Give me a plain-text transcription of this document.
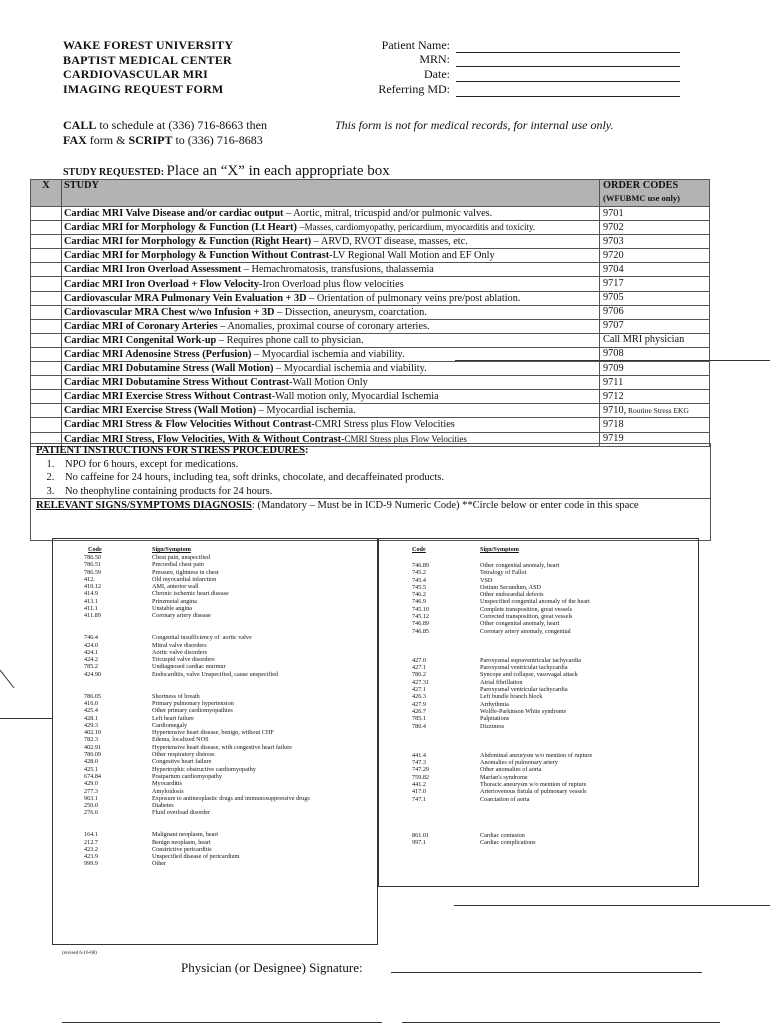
WAKE FOREST UNIVERSITY
BAPTIST MEDICAL CENTER
CARDIOVASCULAR MRI
IMAGING REQUEST FORM
Patient Name:
MRN:
Date:
Referring MD:
CALL to schedule at (336) 716-8663 then
FAX form & SCRIPT to (336) 716-8683
This form is not for medical records, for internal use only.
STUDY REQUESTED: Place an “X” in each appropriate box
X	STUDY	ORDER CODES
(WFUBMC use only)

	Cardiac MRI Valve Disease and/or cardiac output – Aortic, mitral, tricuspid and/or pulmonic valves.	9701
	Cardiac MRI for Morphology & Function (Lt Heart) –Masses, cardiomyopathy, pericardium, myocarditis and toxicity.	9702
	Cardiac MRI for Morphology & Function (Right Heart) – ARVD, RVOT disease, masses, etc.	9703
	Cardiac MRI for Morphology & Function Without Contrast-LV Regional Wall Motion and EF Only	9720
	Cardiac MRI Iron Overload Assessment – Hemachromatosis, transfusions, thalassemia	9704
	Cardiac MRI Iron Overload + Flow Velocity-Iron Overload plus flow velocities	9717
	Cardiovascular MRA Pulmonary Vein Evaluation + 3D – Orientation of pulmonary veins pre/post ablation.	9705
	Cardiovascular MRA Chest w/wo Infusion + 3D – Dissection, aneurysm, coarctation.	9706
	Cardiac MRI of Coronary Arteries – Anomalies, proximal course of coronary arteries.	9707
	Cardiac MRI Congenital Work-up – Requires phone call to physician.	Call MRI physician
	Cardiac MRI Adenosine Stress (Perfusion) – Myocardial ischemia and viability.	9708
	Cardiac MRI Dobutamine Stress (Wall Motion) – Myocardial ischemia and viability.	9709
	Cardiac MRI Dobutamine Stress Without Contrast-Wall Motion Only	9711
	Cardiac MRI Exercise Stress Without Contrast-Wall motion only, Myocardial Ischemia	9712
	Cardiac MRI Exercise Stress (Wall Motion) – Myocardial ischemia.	9710, Routine Stress EKG
	Cardiac MRI Stress & Flow Velocities Without Contrast-CMRI Stress plus Flow Velocities	9718
	Cardiac MRI Stress, Flow Velocities, With & Without Contrast-CMRI Stress plus Flow Velocities	9719
PATIENT INSTRUCTIONS FOR STRESS PROCEDURES:
1. NPO for 6 hours, except for medications.
2. No caffeine for 24 hours, including tea, soft drinks, chocolate, and decaffeinated products.
3. No theophyline containing products for 24 hours.
RELEVANT SIGNS/SYMPTOMS DIAGNOSIS: (Mandatory – Must be in ICD-9 Numeric Code) **Circle below or enter code in this space
Code	Sign/Symptom
786.50	Chest pain, unspecified
786.51	Precordial chest pain
786.59	Pressure, tightness in chest
412.	Old myocardial infarction
410.12	AMI, anterior wall
414.9	Chronic ischemic heart disease
413.1	Prinzmetal angina
411.1	Unstable angina
411.89	Coronary artery disease
746.4	Congenital insufficiency of  aortic valve
424.0	Mitral valve disorders
424.1	Aortic valve disorders
424.2	Tricuspid valve disorders
785.2	Undiagnosed cardiac murmur
424.90	Endocarditis, valve Unspecified, cause unspecified
786.05	Shortness of breath
416.0	Primary pulmonary hypertension
425.4	Other primary cardiomyopathies
428.1	Left heart failure
429.3	Cardiomegaly
402.10	Hypertensive heart disease, benign, without CHF
782.3	Edema, localized NOS
402.91	Hypertensive heart disease, with congestive heart failure
786.09	Other respiratory distress
428.0	Congestive heart failure
425.1	Hypertrophic obstructive cardiomyopathy
674.84	Postpartum cardiomyopathy
429.0	Myocarditis
277.3	Amyloidosis
963.1	Exposure to antineoplastic drugs and immunosuppressive drugs
250.0	Diabetes
276.6	Fluid overload disorder
164.1	Malignant neoplasm, heart
212.7	Benign neoplasm, heart
423.2	Constrictive pericarditis
423.9	Unspecified disease of pericardium
999.9	Other
Code	Sign/Symptom
746.89	Other congenital anomaly, heart
745.2	Tetralogy of Fallot
745.4	VSD
745.5	Ostium Secundum, ASD
746.2	Other endocardial defects
746.9	Unspecified congenital anomaly of the heart
745.10	Complete transposition, great vessels
745.12	Corrected transposition, great vessels
746.89	Other congenital anomaly, heart
746.85	Coronary artery anomaly, congenital
427.0	Paroxysmal supraventricular tachycardia
427.1	Paroxysmal ventricular tachycardia
780.2	Syncope and collapse, vasovagal attack
427.31	Atrial fibrillation
427.1	Paroxysmal ventricular tachycardia
426.3	Left bundle branch block
427.9	Arrhythmia
426.7	Wolffe-Parkinson White syndrome
785.1	Palpitations
780.4	Dizziness
441.4	Abdominal aneurysm w/o mention of rupture
747.3	Anomalies of pulmonary artery
747.29	Other anomalies of aorta
759.82	Marfan's syndrome
441.2	Thoracic aneurysm w/o mention of rupture
417.0	Arteriovenous fistula of pulmonary vessels
747.1	Coarctation of aorta
861.01	Cardiac contusion
997.1	Cardiac complications
(revised 6-16-08)
Physician (or Designee) Signature:
